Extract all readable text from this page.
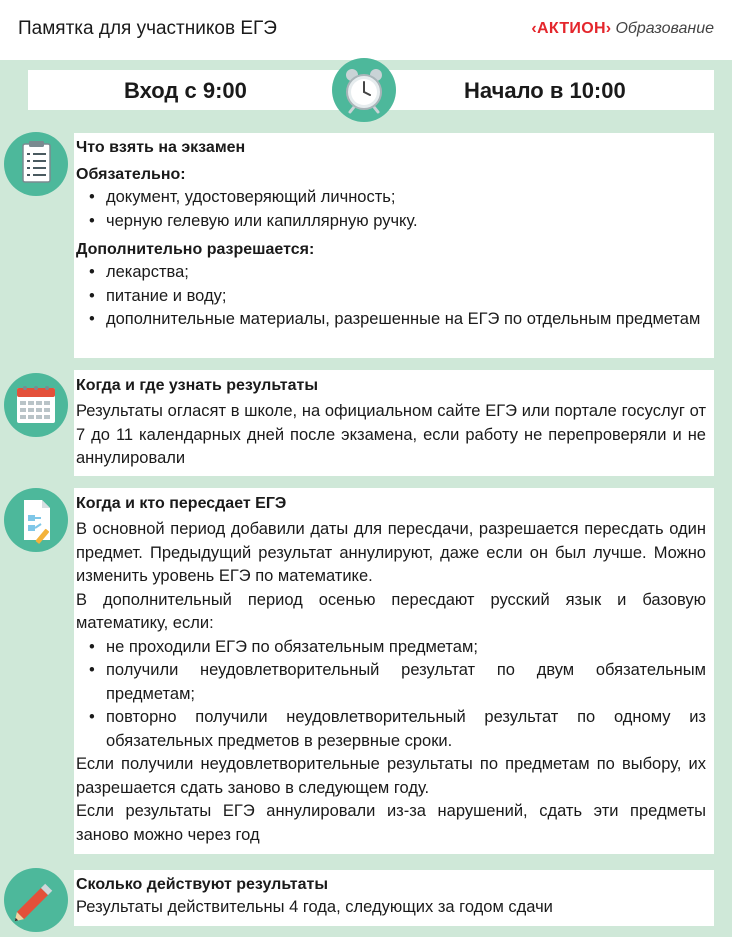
Памятка для участников ЕГЭ	‹АКТИОН› Образование
Вход с 9:00	Начало в 10:00

Что взять на экзамен

Обязательно:

• документ, удостоверяющий личность;
• черную гелевую или капиллярную ручку.

Дополнительно разрешается:

• лекарства;
• питание и воду;
• дополнительные материалы, разрешенные на ЕГЭ по отдельным предметам

Когда и где узнать результаты

Результаты огласят в школе, на официальном сайте ЕГЭ или портале госуслуг от 7 до 11 календарных дней после экзамена, если работу не перепроверяли и не аннулировали

Когда и кто пересдает ЕГЭ

В основной период добавили даты для пересдачи, разрешается пересдать один предмет. Предыдущий результат аннулируют, даже если он был лучше. Можно изменить уровень ЕГЭ по математике.

В дополнительный период осенью пересдают русский язык и базовую математику, если:

• не проходили ЕГЭ по обязательным предметам;
• получили неудовлетворительный результат по двум обязательным предметам;
• повторно получили неудовлетворительный результат по одному из обязательных предметов в резервные сроки.

Если получили неудовлетворительные результаты по предметам по выбору, их разрешается сдать заново в следующем году.

Если результаты ЕГЭ аннулировали из-за нарушений, сдать эти предметы заново можно через год

Сколько действуют результаты

Результаты действительны 4 года, следующих за годом сдачи
